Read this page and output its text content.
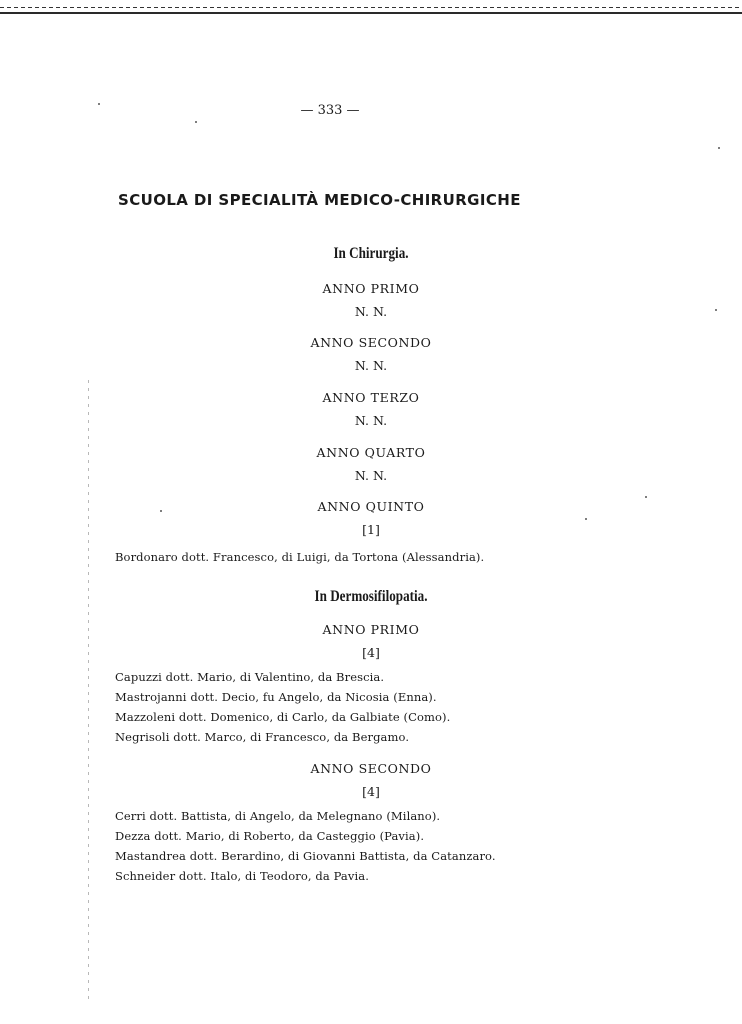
— 333 —
SCUOLA DI SPECIALITÀ MEDICO-CHIRURGICHE
In Chirurgia.
ANNO PRIMO
N. N.
ANNO SECONDO
N. N.
ANNO TERZO
N. N.
ANNO QUARTO
N. N.
ANNO QUINTO
[1]
Bordonaro dott. Francesco, di Luigi, da Tortona (Alessandria).
In Dermosifilopatia.
ANNO PRIMO
[4]
Capuzzi dott. Mario, di Valentino, da Brescia.
Mastrojanni dott. Decio, fu Angelo, da Nicosia (Enna).
Mazzoleni dott. Domenico, di Carlo, da Galbiate (Como).
Negrisoli dott. Marco, di Francesco, da Bergamo.
ANNO SECONDO
[4]
Cerri dott. Battista, di Angelo, da Melegnano (Milano).
Dezza dott. Mario, di Roberto, da Casteggio (Pavia).
Mastandrea dott. Berardino, di Giovanni Battista, da Catanzaro.
Schneider dott. Italo, di Teodoro, da Pavia.
